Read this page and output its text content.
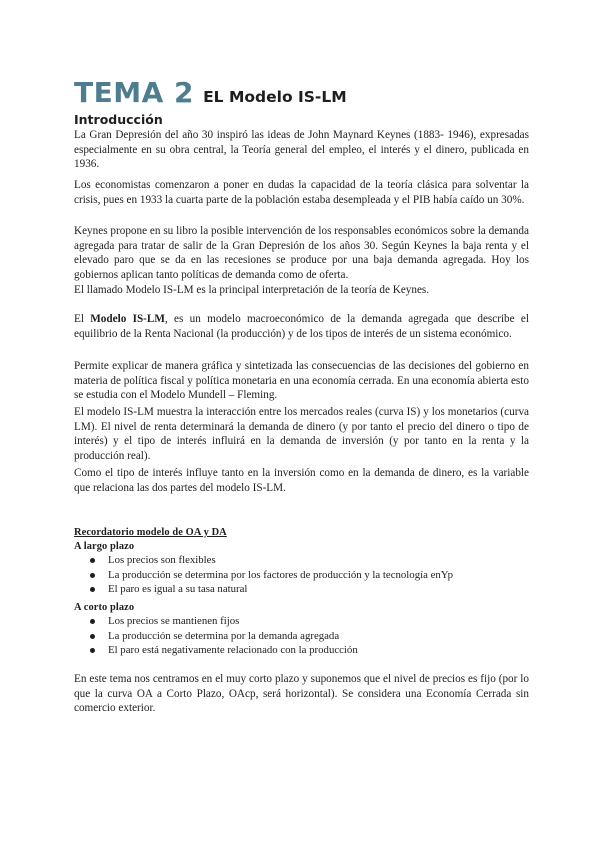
TEMA 2 EL Modelo IS-LM
Introducción

La Gran Depresión del año 30 inspiró las ideas de John Maynard Keynes (1883- 1946), expresadas especialmente en su obra central, la Teoría general del empleo, el interés y el dinero, publicada en 1936.

Los economistas comenzaron a poner en dudas la capacidad de la teoría clásica para solventar la crisis, pues en 1933 la cuarta parte de la población estaba desempleada y el PIB había caído un 30%.

Keynes propone en su libro la posible intervención de los responsables económicos sobre la demanda agregada para tratar de salir de la Gran Depresión de los años 30. Según Keynes la baja renta y el elevado paro que se da en las recesiones se produce por una baja demanda agregada. Hoy los gobiernos aplican tanto políticas de demanda como de oferta.

El llamado Modelo IS-LM es la principal interpretación de la teoría de Keynes.

El Modelo IS-LM, es un modelo macroeconómico de la demanda agregada que describe el equilibrio de la Renta Nacional (la producción) y de los tipos de interés de un sistema económico.

Permite explicar de manera gráfica y sintetizada las consecuencias de las decisiones del gobierno en materia de política fiscal y política monetaria en una economía cerrada. En una economía abierta esto se estudia con el Modelo Mundell – Fleming.

El modelo IS-LM muestra la interacción entre los mercados reales (curva IS) y los monetarios (curva LM). El nivel de renta determinará la demanda de dinero (y por tanto el precio del dinero o tipo de interés) y el tipo de interés influirá en la demanda de inversión (y por tanto en la renta y la producción real).

Como el tipo de interés influye tanto en la inversión como en la demanda de dinero, es la variable que relaciona las dos partes del modelo IS-LM.

Recordatorio modelo de OA y DA

A largo plazo

Los precios son flexibles
La producción se determina por los factores de producción y la tecnología enYp
El paro es igual a su tasa natural

A corto plazo

Los precios se mantienen fijos
La producción se determina por la demanda agregada
El paro está negativamente relacionado con la producción

En este tema nos centramos en el muy corto plazo y suponemos que el nivel de precios es fijo (por lo que la curva OA a Corto Plazo, OAcp, será horizontal). Se considera una Economía Cerrada sin comercio exterior.
